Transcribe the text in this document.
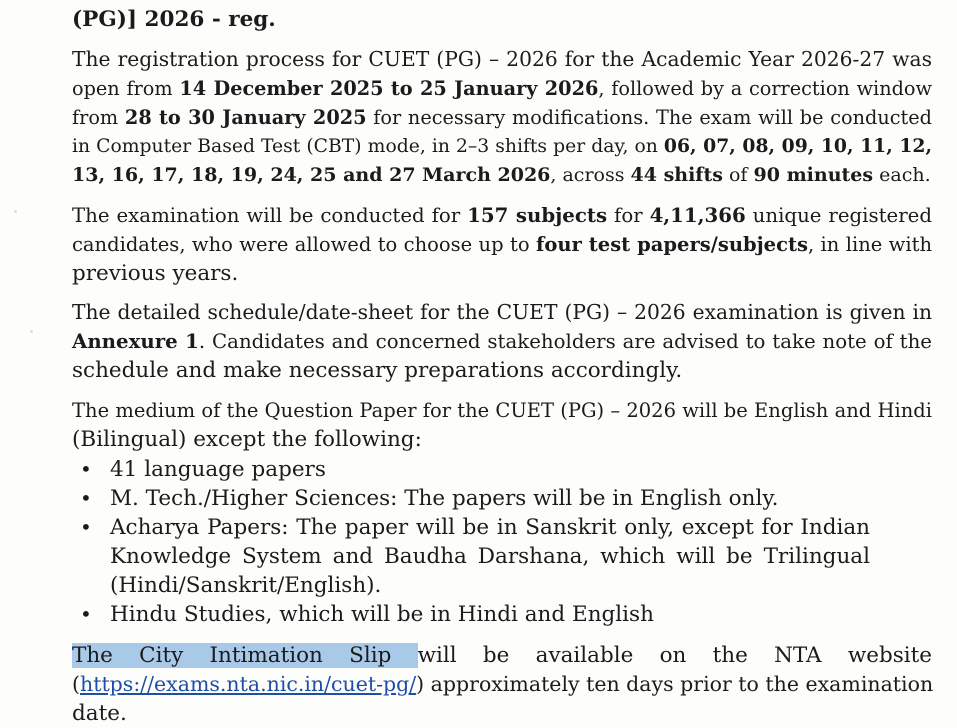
(PG)] 2026 - reg.
The registration process for CUET (PG) – 2026 for the Academic Year 2026-27 was
open from 14 December 2025 to 25 January 2026, followed by a correction window
from 28 to 30 January 2025 for necessary modifications. The exam will be conducted
in Computer Based Test (CBT) mode, in 2–3 shifts per day, on 06, 07, 08, 09, 10, 11, 12,
13, 16, 17, 18, 19, 24, 25 and 27 March 2026, across 44 shifts of 90 minutes each.
The examination will be conducted for 157 subjects for 4,11,366 unique registered
candidates, who were allowed to choose up to four test papers/subjects, in line with
previous years.
The detailed schedule/date-sheet for the CUET (PG) – 2026 examination is given in
Annexure 1. Candidates and concerned stakeholders are advised to take note of the
schedule and make necessary preparations accordingly.
The medium of the Question Paper for the CUET (PG) – 2026 will be English and Hindi
(Bilingual) except the following:
• 41 language papers
• M. Tech./Higher Sciences: The papers will be in English only.
• Acharya Papers: The paper will be in Sanskrit only, except for Indian
Knowledge System and Baudha Darshana, which will be Trilingual
(Hindi/Sanskrit/English).
• Hindu Studies, which will be in Hindi and English
The City Intimation Slip will be available on the NTA website
(https://exams.nta.nic.in/cuet-pg/) approximately ten days prior to the examination
date.
